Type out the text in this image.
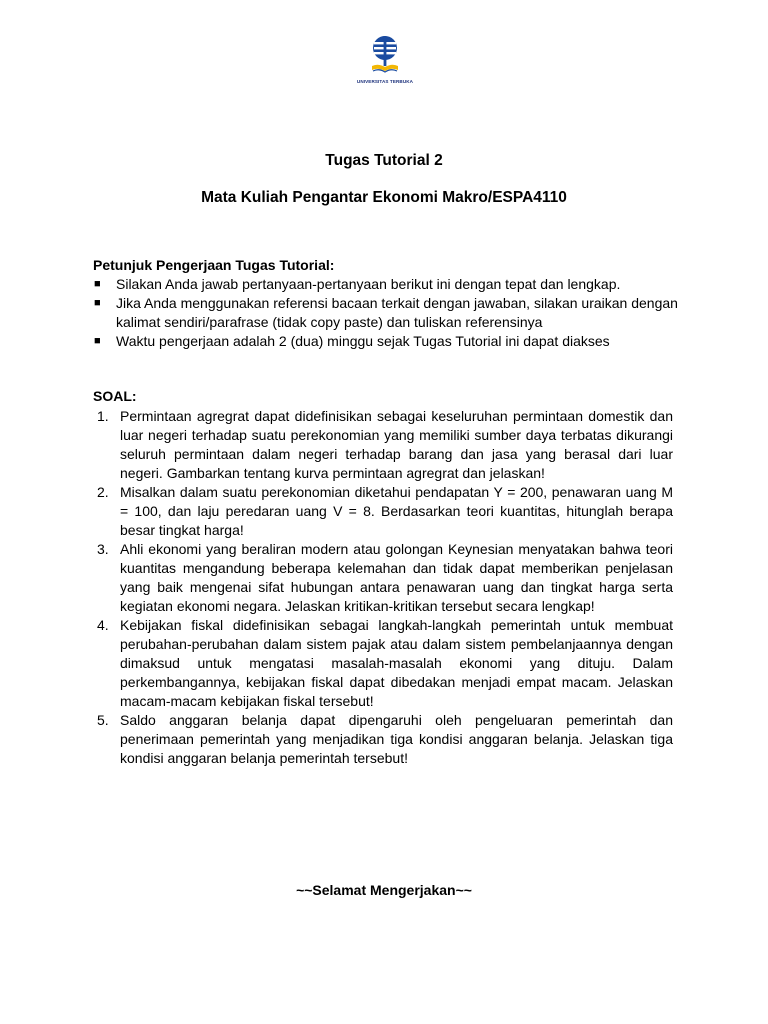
UNIVERSITAS TERBUKA
Tugas Tutorial 2
Mata Kuliah Pengantar Ekonomi Makro/ESPA4110
Petunjuk Pengerjaan Tugas Tutorial:
■ Silakan Anda jawab pertanyaan-pertanyaan berikut ini dengan tepat dan lengkap.
■ Jika Anda menggunakan referensi bacaan terkait dengan jawaban, silakan uraikan dengan kalimat sendiri/parafrase (tidak copy paste) dan tuliskan referensinya
■ Waktu pengerjaan adalah 2 (dua) minggu sejak Tugas Tutorial ini dapat diakses
SOAL:
1. Permintaan agregrat dapat didefinisikan sebagai keseluruhan permintaan domestik dan luar negeri terhadap suatu perekonomian yang memiliki sumber daya terbatas dikurangi seluruh permintaan dalam negeri terhadap barang dan jasa yang berasal dari luar negeri. Gambarkan tentang kurva permintaan agregrat dan jelaskan!
2. Misalkan dalam suatu perekonomian diketahui pendapatan Y = 200, penawaran uang M = 100, dan laju peredaran uang V = 8. Berdasarkan teori kuantitas, hitunglah berapa besar tingkat harga!
3. Ahli ekonomi yang beraliran modern atau golongan Keynesian menyatakan bahwa teori kuantitas mengandung beberapa kelemahan dan tidak dapat memberikan penjelasan yang baik mengenai sifat hubungan antara penawaran uang dan tingkat harga serta kegiatan ekonomi negara. Jelaskan kritikan-kritikan tersebut secara lengkap!
4. Kebijakan fiskal didefinisikan sebagai langkah-langkah pemerintah untuk membuat perubahan-perubahan dalam sistem pajak atau dalam sistem pembelanjaannya dengan dimaksud untuk mengatasi masalah-masalah ekonomi yang dituju. Dalam perkembangannya, kebijakan fiskal dapat dibedakan menjadi empat macam. Jelaskan macam-macam kebijakan fiskal tersebut!
5. Saldo anggaran belanja dapat dipengaruhi oleh pengeluaran pemerintah dan penerimaan pemerintah yang menjadikan tiga kondisi anggaran belanja. Jelaskan tiga kondisi anggaran belanja pemerintah tersebut!
~~Selamat Mengerjakan~~
